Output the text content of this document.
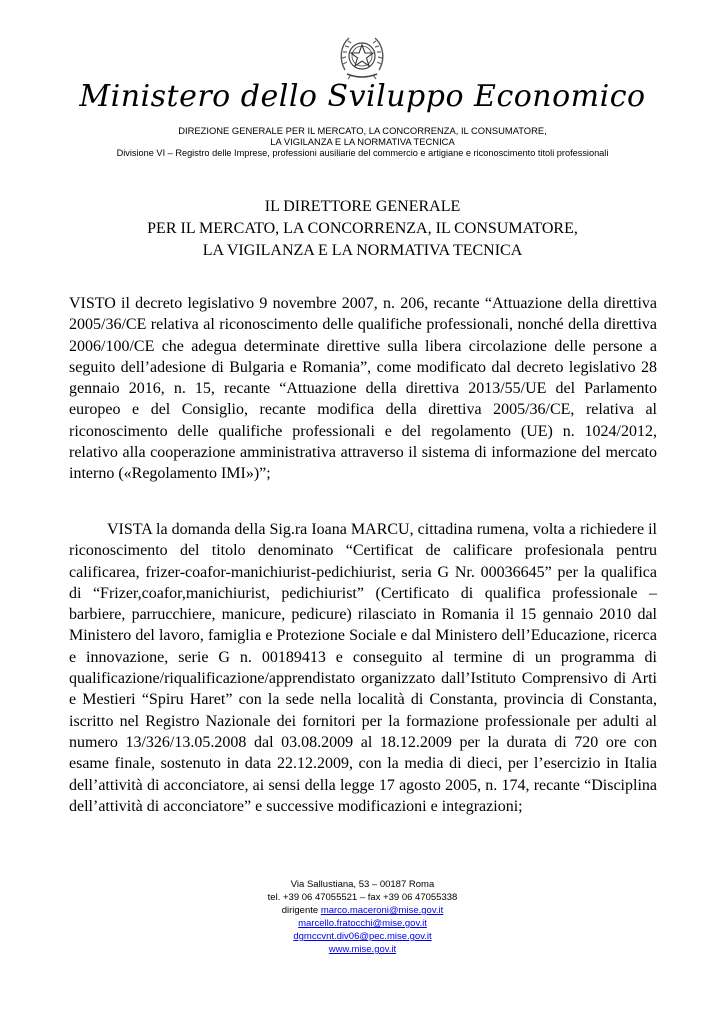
Ministero dello Sviluppo Economico
DIREZIONE GENERALE PER IL MERCATO, LA CONCORRENZA, IL CONSUMATORE,
LA VIGILANZA E LA NORMATIVA TECNICA
Divisione VI – Registro delle Imprese, professioni ausiliarie del commercio e artigiane e riconoscimento titoli professionali
IL DIRETTORE GENERALE
PER IL MERCATO, LA CONCORRENZA, IL CONSUMATORE,
LA VIGILANZA E LA NORMATIVA TECNICA

VISTO il decreto legislativo 9 novembre 2007, n. 206, recante “Attuazione della direttiva 2005/36/CE relativa al riconoscimento delle qualifiche professionali, nonché della direttiva 2006/100/CE che adegua determinate direttive sulla libera circolazione delle persone a seguito dell’adesione di Bulgaria e Romania”, come modificato dal decreto legislativo 28 gennaio 2016, n. 15, recante “Attuazione della direttiva 2013/55/UE del Parlamento europeo e del Consiglio, recante modifica della direttiva 2005/36/CE, relativa al riconoscimento delle qualifiche professionali e del regolamento (UE) n. 1024/2012, relativo alla cooperazione amministrativa attraverso il sistema di informazione del mercato interno («Regolamento IMI»)”;

VISTA la domanda della Sig.ra Ioana MARCU, cittadina rumena, volta a richiedere il riconoscimento del titolo denominato “Certificat de calificare profesionala pentru calificarea, frizer-coafor-manichiurist-pedichiurist, seria G Nr. 00036645” per la qualifica di “Frizer,coafor,manichiurist, pedichiurist” (Certificato di qualifica professionale – barbiere, parrucchiere, manicure, pedicure) rilasciato in Romania il 15 gennaio 2010 dal Ministero del lavoro, famiglia e Protezione Sociale e dal Ministero dell’Educazione, ricerca e innovazione, serie G n. 00189413 e conseguito al termine di un programma di qualificazione/riqualificazione/apprendistato organizzato dall’Istituto Comprensivo di Arti e Mestieri “Spiru Haret” con la sede nella località di Constanta, provincia di Constanta, iscritto nel Registro Nazionale dei fornitori per la formazione professionale per adulti al numero 13/326/13.05.2008 dal 03.08.2009 al 18.12.2009 per la durata di 720 ore con esame finale, sostenuto in data 22.12.2009, con la media di dieci, per l’esercizio in Italia dell’attività di acconciatore, ai sensi della legge 17 agosto 2005, n. 174, recante “Disciplina dell’attività di acconciatore” e successive modificazioni e integrazioni;

Via Sallustiana, 53 – 00187 Roma
tel. +39 06 47055521 – fax +39 06 47055338
dirigente marco.maceroni@mise.gov.it
marcello.fratocchi@mise.gov.it
dgmccvnt.div06@pec.mise.gov.it
www.mise.gov.it
